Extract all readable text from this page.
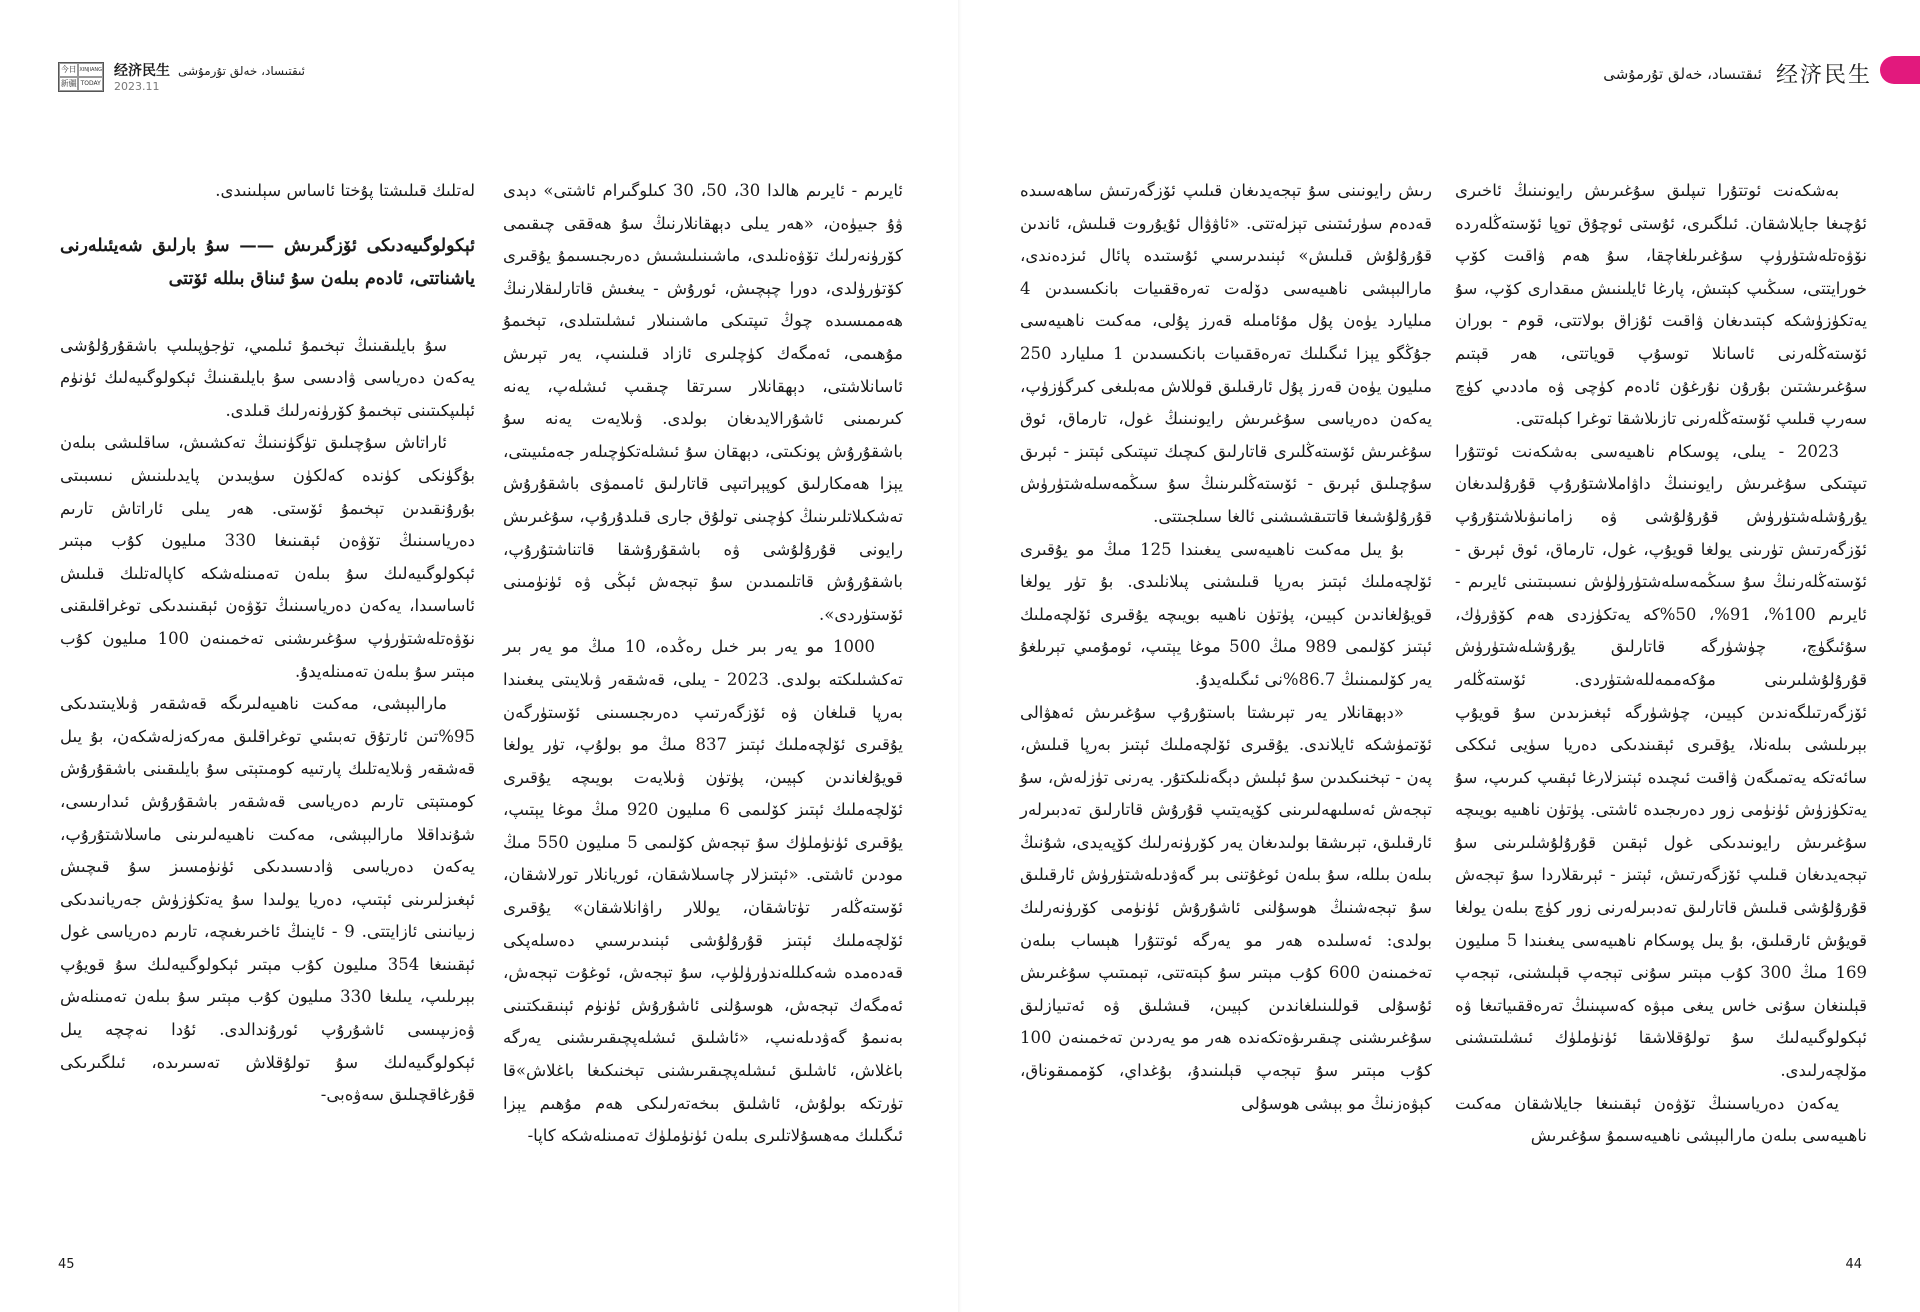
今日 XINJIANG
新疆 TODAY
经济民生 ئىقتىساد، خەلق تۇرمۇشى
2023.11
ئىقتىساد، خەلق تۇرمۇشى 经济民生

بەشكەنت ئوتتۇرا تىپلىق سۇغىرىش رايونىنىڭ ئاخىرى ئۇچىغا جايلاشقان. ئىلگىرى، ئۇستى ئوچۇق توپا ئۆستەڭلەردە نۆۋەتلەشتۈرۈپ سۇغىرىلغاچقا، سۇ ھەم ۋاقىت كۆپ خورايتتى، سىڭىپ كېتىش، پارغا ئايلىنىش مىقدارى كۆپ، سۇ يەتكۈزۈشكە كېتىدىغان ۋاقىت ئۇزاق بولاتتى، قوم - بوران ئۆستەڭلەرنى ئاسانلا توسۇپ قوياتتى، ھەر قېتىم سۇغىرىشتىن بۇرۇن نۇرغۇن ئادەم كۈچى ۋە ماددىي كۈچ سەرپ قىلىپ ئۆستەڭلەرنى تازىلاشقا توغرا كېلەتتى.

2023 - يىلى، پوسكام ناھىيەسى بەشكەنت ئوتتۇرا تىپتىكى سۇغىرىش رايونىنىڭ داۋاملاشتۇرۇپ قۇرۇلىدىغان يۇرۇشلەشتۈرۈش قۇرۇلۇشى ۋە زامانىۋىلاشتۇرۇپ ئۆزگەرتىش تۈرىنى يولغا قويۇپ، غول، تارماق، ئوق ئېرىق - ئۆستەڭلەرنىڭ سۇ سىڭمەسلەشتۈرۈلۈش نىسبىتىنى ئايرىم - ئايرىم 100%، 91%، 50%كە يەتكۈزدى ھەم كۆۋرۈك، سۇئىگۈچ، چۈشۈرگە قاتارلىق يۇرۇشلەشتۈرۈش قۇرۇلۇشلىرىنى مۇكەممەللەشتۈردى. ئۆستەڭلەر ئۆزگەرتىلگەندىن كېيىن، چۈشۈرگە ئېغىزىدىن سۇ قويۇپ بېرىلىشى بىلەنلا، يۇقىرى ئېقىندىكى دەريا سۈيى ئىككى سائەتكە يەتمىگەن ۋاقىت ئىچىدە ئېتىزلارغا ئېقىپ كىرىپ، سۇ يەتكۈزۈش ئۈنۈمى زور دەرىجىدە ئاشتى. پۈتۈن ناھىيە بويىچە سۇغىرىش رايونىدىكى غول ئېقىن قۇرۇلۇشلىرىنى سۇ تېجەيدىغان قىلىپ ئۆزگەرتىش، ئېتىز - ئېرىقلاردا سۇ تېجەش قۇرۇلۇشى قىلىش قاتارلىق تەدبىرلەرنى زور كۈچ بىلەن يولغا قويۇش ئارقىلىق، بۇ يىل پوسكام ناھىيەسى يىغىندا 5 مىليون 169 مىڭ 300 كۇب مېتىر سۇنى تېجەپ قېلىشنى، تېجەپ قېلىنغان سۇنى خاس يىغى مېۋە كەسپىنىڭ تەرەققىياتىغا ۋە ئېكولوگىيەلىك سۇ تولۇقلاشقا ئۈنۈملۈك ئىشلىتىشنى مۆلچەرلىدى.

يەكەن دەرياسىنىڭ تۆۋەن ئېقىنىغا جايلاشقان مەكىت ناھىيەسى بىلەن مارالبېشى ناھىيەسىمۇ سۇغىرىش

رىش رايونىنى سۇ تېجەيدىغان قىلىپ ئۆزگەرتىش ساھەسىدە قەدەم سۈرئىتىنى تېزلەتتى. «ئاۋۋال ئۇيۇروت قىلىش، ئاندىن قۇرۇلۇش قىلىش» ئېنىدىرسىي ئۇستىدە پائال ئىزدەندى، مارالبېشى ناھىيەسى دۆلەت تەرەققىيات بانكىسىدىن 4 مىليارد يۈەن پۇل مۇئامىلە قەرز پۇلى، مەكىت ناھىيەسى جۇڭگو يېزا ئىگىلىك تەرەققىيات بانكىسىدىن 1 مىليارد 250 مىليون يۈەن قەرز پۇل ئارقىلىق قوللاش مەبلىغى كىرگۈزۈپ، يەكەن دەرياسى سۇغىرىش رايونىنىڭ غول، تارماق، ئوق سۇغىرىش ئۆستەڭلىرى قاتارلىق كىچىك تىپتىكى ئېتىز - ئېرىق سۇچىلىق ئېرىق - ئۆستەڭلىرىنىڭ سۇ سىڭمەسلەشتۈرۈش قۇرۇلۇشىغا قاتتىقشىشنى ئالغا سىلجىتتى.

بۇ يىل مەكىت ناھىيەسى يىغىندا 125 مىڭ مو يۇقىرى ئۆلچەملىك ئېتىز بەرپا قىلىشنى پىلانلىدى. بۇ تۈر يولغا قويۇلغاندىن كېيىن، پۈتۈن ناھىيە بويىچە يۇقىرى ئۆلچەملىك ئېتىز كۆلىمى 989 مىڭ 500 موغا يېتىپ، ئومۇمىي تېرىلغۇ يەر كۆلىمىنىڭ 86.7%نى ئىگىلەيدۇ.

«دېھقانلار يەر تېرىشتا باستۇرۇپ سۇغىرىش ئەھۋالى ئۆتمۈشكە ئايلاندى. يۇقىرى ئۆلچەملىك ئېتىز بەرپا قىلىش، پەن - تېخنىكىدىن سۇ ئېلىش دېگەنلىكتۇر. يەرنى تۈزلەش، سۇ تېجەش ئەسلىھەلىرىنى كۆپەيتىپ قۇرۇش قاتارلىق تەدبىرلەر ئارقىلىق، تېرىشقا بولىدىغان يەر كۆرۈنەرلىك كۆپەيدى، شۇنىڭ بىلەن بىللە، سۇ بىلەن ئوغۇتنى بىر گەۋدىلەشتۈرۈش ئارقىلىق سۇ تېجەشنىڭ ھوسۇلنى ئاشۇرۇش ئۈنۈمى كۆرۈنەرلىك بولدى: ئەسلىدە ھەر مو يەرگە ئوتتۇرا ھېساب بىلەن تەخمىنەن 600 كۇب مېتىر سۇ كېتەتتى، تېمىتىپ سۇغىرىش ئۇسۇلى قوللىنىلغاندىن كېيىن، قىشلىق ۋە ئەتىيازلىق سۇغىرىشنى چىقىرىۋەتكەندە ھەر مو يەردىن تەخمىنەن 100 كۇب مېتىر سۇ تېجەپ قېلىنىدۇ، بۇغداي، كۆممىقوناق، كېۋەزنىڭ مو بېشى ھوسۇلى

ئايرىم - ئايرىم ھالدا 30، 50، 30 كىلوگىرام ئاشتى» دېدى ۋۇ جىيۈەن، «ھەر يىلى دېھقانلارنىڭ سۇ ھەققى چىقىمى كۆرۈنەرلىك تۆۋەنلىدى، ماشىنىلىشىش دەرىجىسىمۇ يۇقىرى كۆتۈرۈلدى، دورا چېچىش، ئورۇش - يىغىش قاتارلىقلارنىڭ ھەممىسىدە چوڭ تىپتىكى ماشىنىلار ئىشلىتىلدى، تېخىمۇ مۇھىمى، ئەمگەك كۈچلىرى ئازاد قىلىنىپ، يەر تېرىش ئاسانلاشتى، دېھقانلار سىرتقا چىقىپ ئىشلەپ، يەنە كىرىمىنى ئاشۇرالايدىغان بولدى. ۋىلايەت يەنە سۇ باشقۇرۇش پونكىتى، دېھقان سۇ ئىشلەتكۈچىلەر جەمئىيىتى، يېزا ھەمكارلىق كوپېراتىپى قاتارلىق ئامىمۋى باشقۇرۇش تەشكىلاتلىرىنىڭ كۈچىنى تولۇق جارى قىلدۇرۇپ، سۇغىرىش رايونى قۇرۇلۇشى ۋە باشقۇرۇشقا قاتناشتۇرۇپ، باشقۇرۇش قاتلىمىدىن سۇ تېجەش ئېڭى ۋە ئۈنۈمىنى ئۆستۈردى».

1000 مو يەر بىر خىل رەڭدە، 10 مىڭ مو يەر بىر تەكشىلىكتە بولدى. 2023 - يىلى، قەشقەر ۋىلايىتى يىغىندا بەرپا قىلغان ۋە ئۆزگەرتىپ دەرىجىسىنى ئۆستۈرگەن يۇقىرى ئۆلچەملىك ئېتىز 837 مىڭ مو بولۇپ، تۈر يولغا قويۇلغاندىن كېيىن، پۈتۈن ۋىلايەت بويىچە يۇقىرى ئۆلچەملىك ئېتىز كۆلىمى 6 مىليون 920 مىڭ موغا يېتىپ، يۇقىرى ئۈنۈملۈك سۇ تېجەش كۆلىمى 5 مىليون 550 مىڭ مودىن ئاشتى. «ئېتىزلار چاسىلاشقان، ئوريانلار تورلاشقان، ئۆستەڭلەر تۈتاشقان، يوللار راۋانلاشقان» يۇقىرى ئۆلچەملىك ئېتىز قۇرۇلۇشى ئېنىدىرسىي دەسلەپكى قەدەمدە شەكىللەندۈرۈلۈپ، سۇ تېجەش، ئوغۇت تېجەش، ئەمگەك تېجەش، ھوسۇلنى ئاشۇرۇش ئۈنۈم ئېنىقىكتىنى بەنىمۇ گەۋدىلەنىپ، «ئاشلىق ئىشلەپچىقىرىشنى يەرگە باغلاش، ئاشلىق ئىشلەپچىقىرىشنى تېخنىكىغا باغلاش»قا تۈرتكە بولۇش، ئاشلىق بىخەتەرلىكى ھەم مۇھىم يېزا ئىگىلىك مەھسۇلاتلىرى بىلەن ئۈنۈملۈك تەمىنلەشكە كاپا-

لەتلىك قىلىشتا پۇختا ئاساس سېلىنىدى.

ئېكولوگىيەدىكى ئۆزگىرىش —— سۇ بارلىق شەيئىلەرنى ياشناتتى، ئادەم بىلەن سۇ ئىناق بىللە ئۆتتى

سۇ بايلىقىنىڭ تېخىمۇ ئىلمىي، تۈجۈپىلىپ باشقۇرۇلۇشى يەكەن دەرياسى ۋادىسى سۇ بايلىقىنىڭ ئېكولوگىيەلىك ئۈنۈم ئېلىپكىتىنى تېخىمۇ كۆرۈنەرلىك قىلدى.

ئاراتاش سۇچىلىق تۈگۈنىنىڭ تەكشىش، ساقلىشى بىلەن بۇگۈنكى كۈندە كەلكۈن سۈيىدىن پايدىلىنىش نىسبىتى بۇرۇنقىدىن تېخىمۇ ئۆستى. ھەر يىلى ئاراتاش تارىم دەرياسىنىڭ تۆۋەن ئېقىنىغا 330 مىليون كۇب مېتىر ئېكولوگىيەلىك سۇ بىلەن تەمىنلەشكە كاپالەتلىك قىلىش ئاساسىدا، يەكەن دەرياسىنىڭ تۆۋەن ئېقىنىدىكى توغراقلىقنى نۆۋەتلەشتۈرۈپ سۇغىرىشنى تەخمىنەن 100 مىليون كۇب مېتىر سۇ بىلەن تەمىنلەيدۇ.

مارالبېشى، مەكىت ناھىيەلىرىگە قەشقەر ۋىلايىتىدىكى 95%تىن ئارتۇق تەبىئىي توغراقلىق مەركەزلەشكەن، بۇ يىل قەشقەر ۋىلايەتلىك پارتىيە كومىتېتى سۇ بايلىقىنى باشقۇرۇش كومىتېتى تارىم دەرياسى قەشقەر باشقۇرۇش ئىدارىسى، شۇنداقلا مارالبېشى، مەكىت ناھىيەلىرىنى ماسلاشتۇرۇپ، يەكەن دەرياسى ۋادىسىدىكى ئۈنۈمسىز سۇ قىچىش ئېغىزلىرىنى ئېتىپ، دەريا يولىدا سۇ يەتكۈزۈش جەريانىدىكى زىيانىنى ئازايتتى. 9 - ئاينىڭ ئاخىرىغىچە، تارىم دەرياسى غول ئېقىنىغا 354 مىليون كۇب مېتىر ئېكولوگىيەلىك سۇ قويۇپ بېرىلىپ، يىلىغا 330 مىليون كۇب مېتىر سۇ بىلەن تەمىنلەش ۋەزىپىسى ئاشۇرۇپ ئورۇندالدى. ئۇدا نەچچە يىل ئېكولوگىيەلىك سۇ تولۇقلاش تەسىرىدە، ئىلگىرىكى قۇرغاقچىلىق سەۋەبى-

45	44
